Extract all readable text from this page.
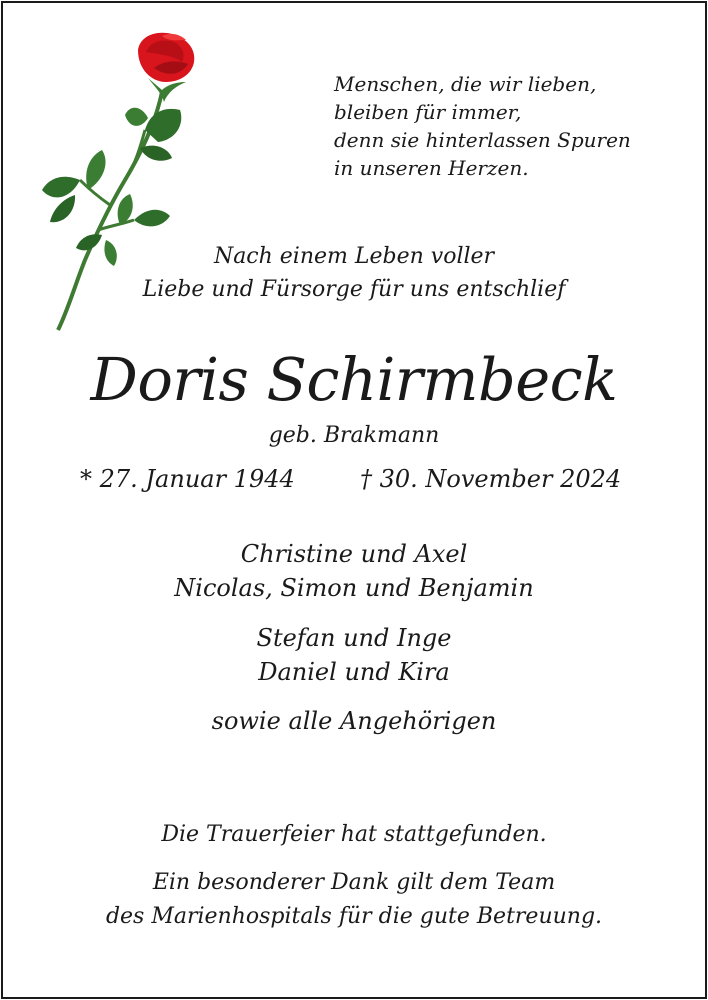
Menschen, die wir lieben,
bleiben für immer,
denn sie hinterlassen Spuren
in unseren Herzen.
Nach einem Leben voller
Liebe und Fürsorge für uns entschlief
Doris Schirmbeck
geb. Brakmann
* 27. Januar 1944	† 30. November 2024
Christine und Axel
Nicolas, Simon und Benjamin
Stefan und Inge
Daniel und Kira
sowie alle Angehörigen
Die Trauerfeier hat stattgefunden.
Ein besonderer Dank gilt dem Team
des Marienhospitals für die gute Betreuung.
